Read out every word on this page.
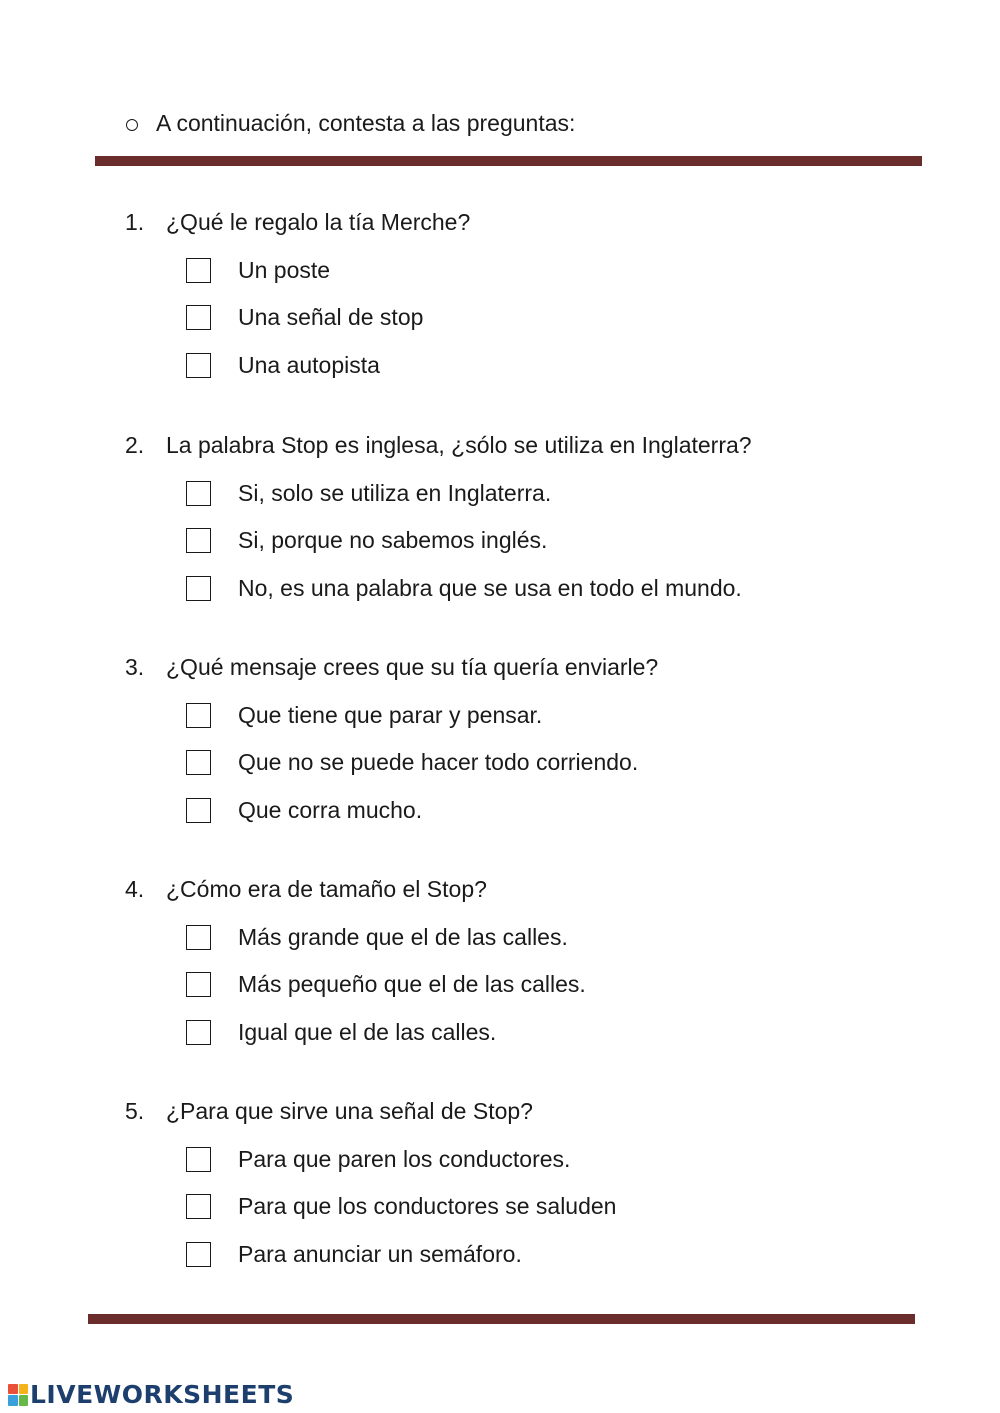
A continuación, contesta a las preguntas:
1. ¿Qué le regalo la tía Merche?
Un poste
Una señal de stop
Una autopista
2. La palabra Stop es inglesa, ¿sólo se utiliza en Inglaterra?
Si, solo se utiliza en Inglaterra.
Si, porque no sabemos inglés.
No, es una palabra que se usa en todo el mundo.
3. ¿Qué mensaje crees que su tía quería enviarle?
Que tiene que parar y pensar.
Que no se puede hacer todo corriendo.
Que corra mucho.
4. ¿Cómo era de tamaño el Stop?
Más grande que el de las calles.
Más pequeño que el de las calles.
Igual que el de las calles.
5. ¿Para que sirve una señal de Stop?
Para que paren los conductores.
Para que los conductores se saluden
Para anunciar un semáforo.
LIVEWORKSHEETS
